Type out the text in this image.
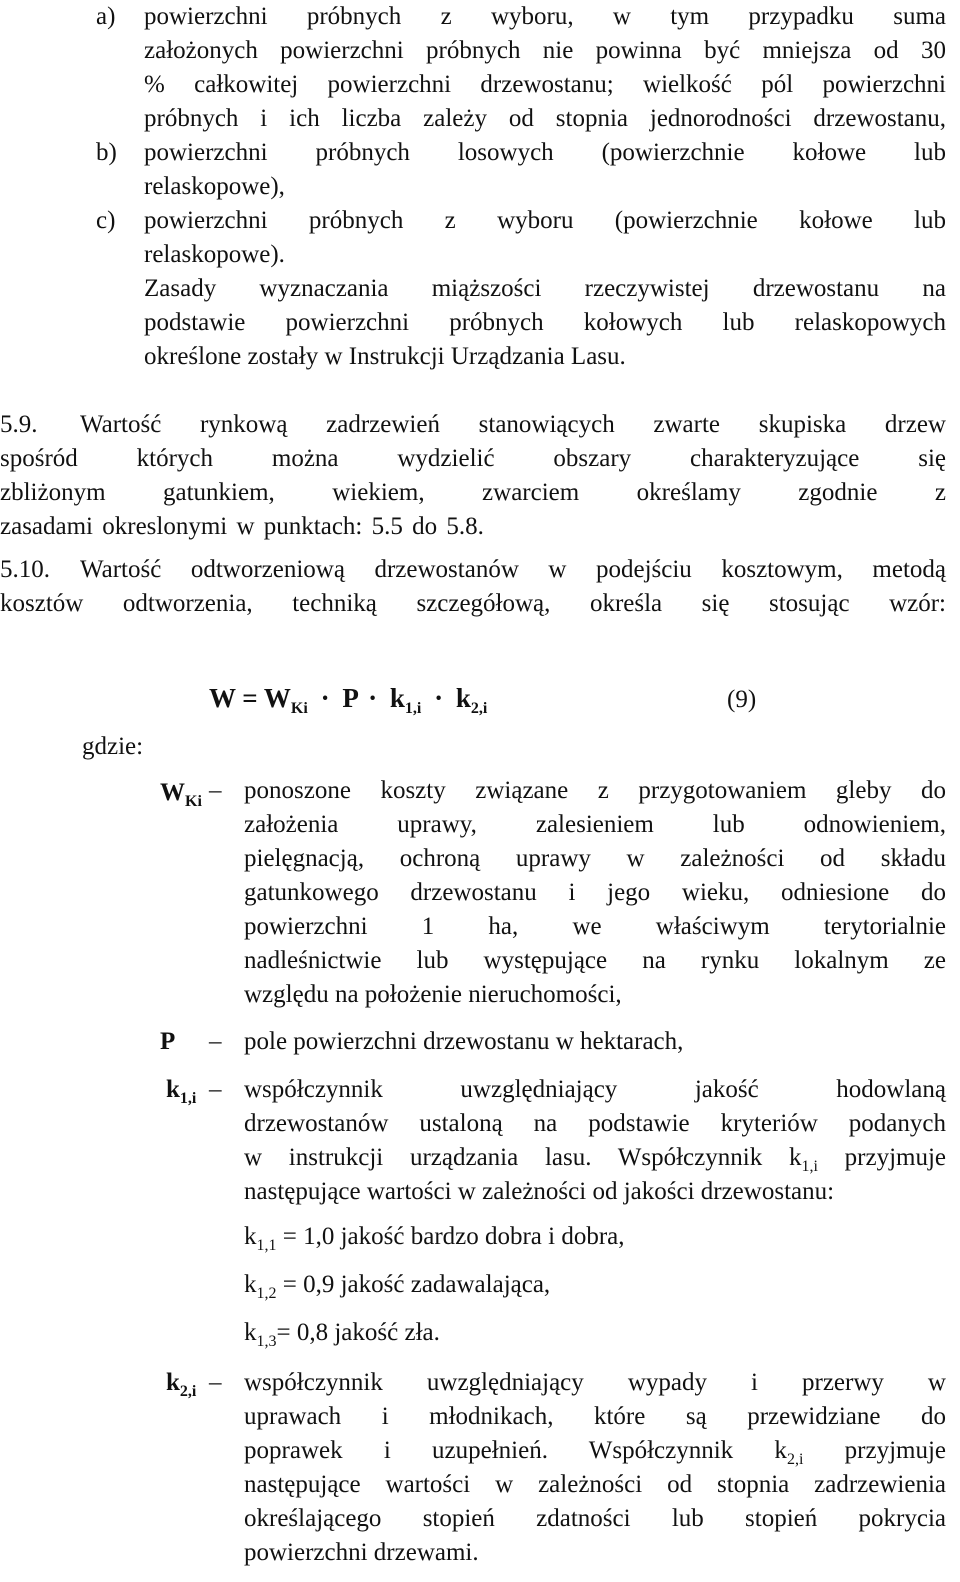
a)	powierzchni próbnych z wyboru, w tym przypadku suma
założonych powierzchni próbnych nie powinna być mniejsza od 30
% całkowitej powierzchni drzewostanu; wielkość pól powierzchni
próbnych i ich liczba zależy od stopnia jednorodności drzewostanu,
b)	powierzchni próbnych losowych (powierzchnie kołowe lub
relaskopowe),
c)	powierzchni próbnych z wyboru (powierzchnie kołowe lub
relaskopowe).
Zasady wyznaczania miąższości rzeczywistej drzewostanu na
podstawie powierzchni próbnych kołowych lub relaskopowych
określone zostały w Instrukcji Urządzania Lasu.
5.9.	Wartość rynkową zadrzewień stanowiących zwarte skupiska drzew
spośród których można wydzielić obszary charakteryzujące się
zbliżonym gatunkiem, wiekiem, zwarciem określamy zgodnie z
zasadami okreslonymi w punktach: 5.5 do 5.8.
5.10.	Wartość odtworzeniową drzewostanów w podejściu kosztowym, metodą
kosztów odtworzenia, techniką szczegółową, określa się stosując wzór:
$W = W_{Ki} \cdot P \cdot k_{1,i} \cdot k_{2,i}$	(9)
gdzie:
$W_{Ki}$ – ponoszone koszty związane z przygotowaniem gleby do
założenia uprawy, zalesieniem lub odnowieniem,
pielęgnacją, ochroną uprawy w zależności od składu
gatunkowego drzewostanu i jego wieku, odniesione do
powierzchni 1 ha, we właściwym terytorialnie
nadleśnictwie lub występujące na rynku lokalnym ze
względu na położenie nieruchomości,
P – pole powierzchni drzewostanu w hektarach,
$k_{1,i}$ – współczynnik uwzględniający jakość hodowlaną
drzewostanów ustaloną na podstawie kryteriów podanych
w instrukcji urządzania lasu. Współczynnik $k_{1,i}$ przyjmuje
następujące wartości w zależności od jakości drzewostanu:
$k_{1,1} = 1,0$ jakość bardzo dobra i dobra,
$k_{1,2} = 0,9$ jakość zadawalająca,
$k_{1,3}= 0,8$ jakość zła.
$k_{2,i}$ – współczynnik uwzględniający wypady i przerwy w
uprawach i młodnikach, które są przewidziane do
poprawek i uzupełnień. Współczynnik $k_{2,i}$ przyjmuje
następujące wartości w zależności od stopnia zadrzewienia
określającego stopień zdatności lub stopień pokrycia
powierzchni drzewami.
